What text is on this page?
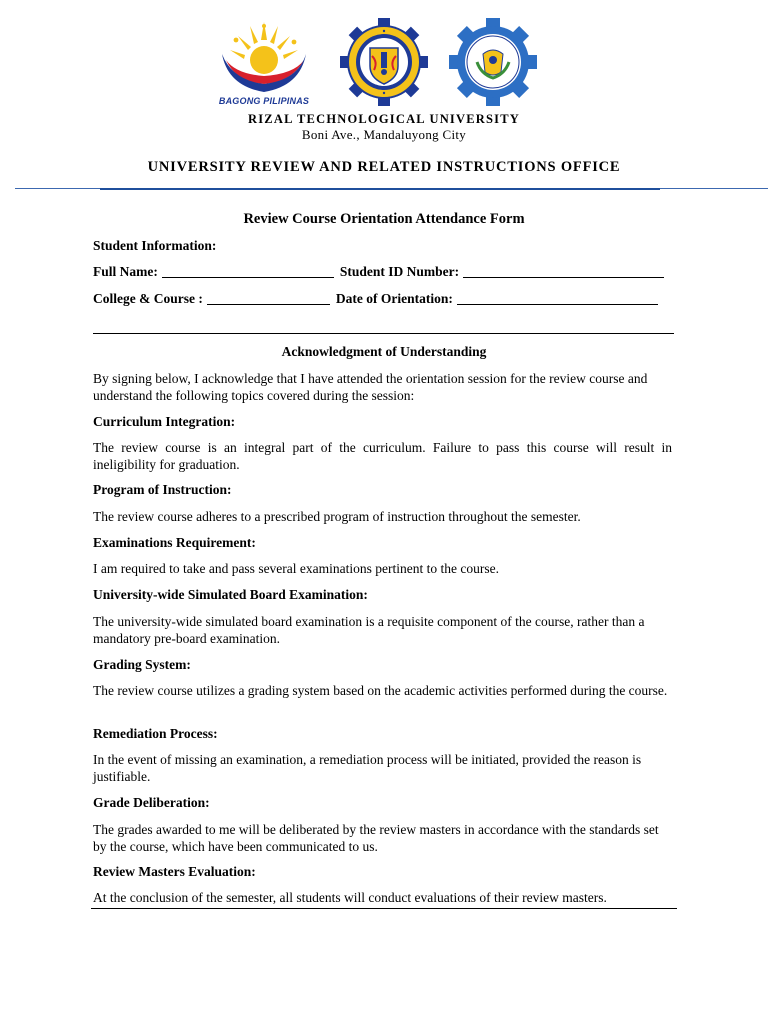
BAGONG PILIPINAS
RIZAL TECHNOLOGICAL UNIVERSITY
Boni Ave., Mandaluyong City
UNIVERSITY REVIEW AND RELATED INSTRUCTIONS OFFICE
Review Course Orientation Attendance Form
Student Information:
Full Name:	Student ID Number:
College & Course :	Date of Orientation:
Acknowledgment of Understanding
By signing below, I acknowledge that I have attended the orientation session for the review course and understand the following topics covered during the session:
Curriculum Integration:
The review course is an integral part of the curriculum. Failure to pass this course will result in ineligibility for graduation.
Program of Instruction:
The review course adheres to a prescribed program of instruction throughout the semester.
Examinations Requirement:
I am required to take and pass several examinations pertinent to the course.
University-wide Simulated Board Examination:
The university-wide simulated board examination is a requisite component of the course, rather than a mandatory pre-board examination.
Grading System:
The review course utilizes a grading system based on the academic activities performed during the course.
Remediation Process:
In the event of missing an examination, a remediation process will be initiated, provided the reason is justifiable.
Grade Deliberation:
The grades awarded to me will be deliberated by the review masters in accordance with the standards set by the course, which have been communicated to us.
Review Masters Evaluation:
At the conclusion of the semester, all students will conduct evaluations of their review masters.
